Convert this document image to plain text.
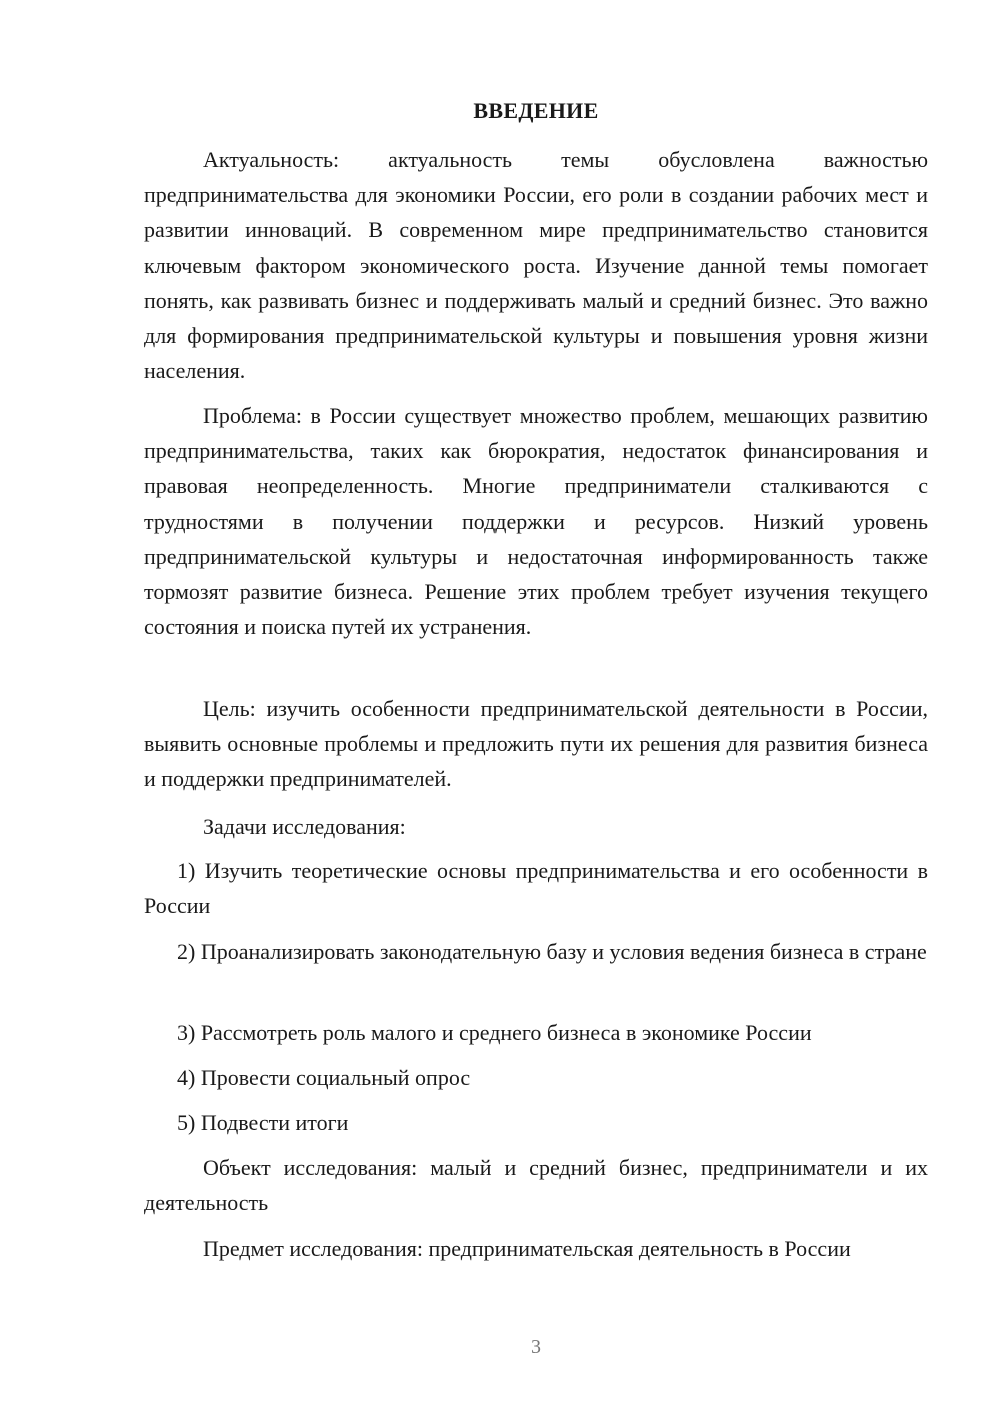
ВВЕДЕНИЕ

Актуальность: актуальность темы обусловлена важностью предпринимательства для экономики России, его роли в создании рабочих мест и развитии инноваций. В современном мире предпринимательство становится ключевым фактором экономического роста. Изучение данной темы помогает понять, как развивать бизнес и поддерживать малый и средний бизнес. Это важно для формирования предпринимательской культуры и повышения уровня жизни населения.

Проблема: в России существует множество проблем, мешающих развитию предпринимательства, таких как бюрократия, недостаток финансирования и правовая неопределенность. Многие предприниматели сталкиваются с трудностями в получении поддержки и ресурсов. Низкий уровень предпринимательской культуры и недостаточная информированность также тормозят развитие бизнеса. Решение этих проблем требует изучения текущего состояния и поиска путей их устранения.

Цель: изучить особенности предпринимательской деятельности в России, выявить основные проблемы и предложить пути их решения для развития бизнеса и поддержки предпринимателей.

Задачи исследования:

1) Изучить теоретические основы предпринимательства и его особенности в России

2) Проанализировать законодательную базу и условия ведения бизнеса в стране

3) Рассмотреть роль малого и среднего бизнеса в экономике России

4) Провести социальный опрос

5) Подвести итоги

Объект исследования: малый и средний бизнес, предприниматели и их деятельность

Предмет исследования: предпринимательская деятельность в России

3
